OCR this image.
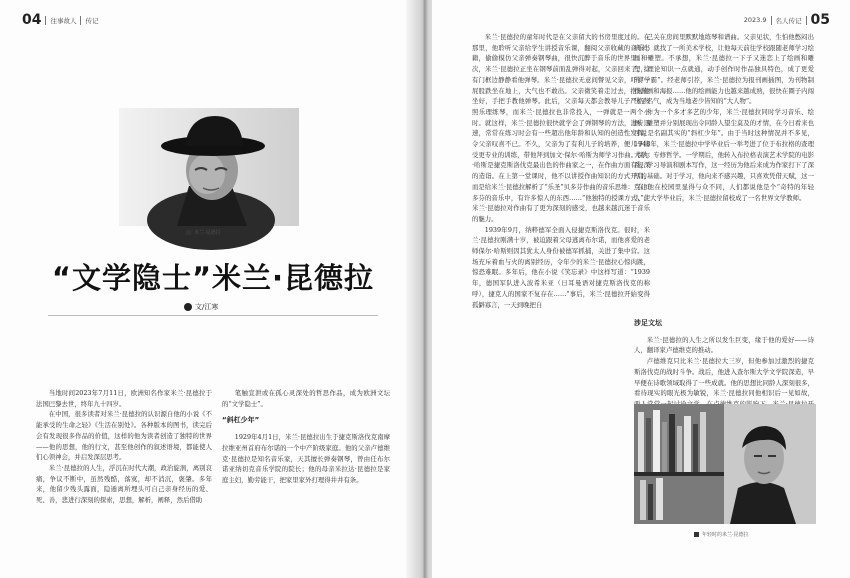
04 往事故人 传记
米兰·昆德拉
“文学隐士”米兰·昆德拉
文/江寒

当地时间2023年7月11日，欧洲知名作家米兰·昆德拉于法国巴黎去世，终年九十四岁。

在中国，很多读者对米兰·昆德拉的认识源自他的小说《不能承受的生命之轻》《生活在别处》。各种版本的图书，读完后会有发现很多作品的价值，这样的他为读者创造了独特的世界——他的思想，他的行文，甚至他创作的叙述语境，都能使人们心领神会，并启发深层思考。

米兰·昆德拉的人生，浮沉在时代大潮，政治旋涡，离别哀痛，争议不断中，虽然残酷，落寞，却不消沉，褒肇。多年来，他留少残头露面，隐遁离所埋头可自己亲身经历的爱、死、善，悲进行深刻的探索，思想，解析，阐释，然后借助

笔触宣泄或在孤心灵深处的哲思作品，成为欧洲文坛的“文学隐士”。

“斜杠少年”

1929年4月1日，米兰·昆德拉出生于捷克斯洛伐克南摩拉维亚州首府布尔诺的一个中产阶级家庭。他的父亲卢德维克·昆德拉是知名音乐家，天其擅长弹奏钢琴，曾由任布尔诺亚纳切克音乐学院的院长；他的母亲米拉达·昆德拉是家庭主妇，勤劳能干，把家里家外打理得井井有条。

2023.9 名人传记 05

米兰·昆德拉的童年时代是在父亲留大的书房里度过的。在那里，他聆听父亲给学生讲授音乐课，翻阅父亲收藏的音乐书籍，偷偷模仿父亲弹奏钢琴曲，很快沉醉于音乐的世界里。一次，米兰·昆德拉正坐在钢琴前面乱弹得对起，父亲回来了，捻有门框边静静看他弹琴。米兰·昆德拉无意间瞥见父亲，吓得一屁股跌坐在地上，大气也不敢出。父亲微笑着走过去，抱起他坐好，手把手教他弹琴。此后，父亲每天都会教导儿子严格按照乐理练琴，而米兰·昆德拉也非常投入，一弹就是一两个小时。就这样，米兰·昆德拉很快就学会了弹钢琴的方法，进步迅速，常常在练习时会有一些超出他年龄和认知的创造性发挥，令父亲叹喜不已。不久，父亲为了有利儿子的培养，便儿子接受更专业的训练，带他拜到加文·保尔·哈斯为师学习作曲。保尔·哈斯是捷克斯洛伐克最出色的作曲家之一，在作曲方面有很深的造诣。在上第一堂课时，他不以讲授作曲知识的方式开启，而是给米兰·昆德拉解析了“乐圣”贝多芬作曲的音乐思维：“在贝多芬的音乐中，有许多惊人的东西……”他独特的授课方式，使米兰·昆德拉对作曲有了更为深刻的感受，也越来越沉迷于音乐的魅力。

1939年9月，纳粹德军全面入侵捷克斯洛伐克。很时，米兰·昆德拉刚满十岁，被迫跟着父母逃离布尔诺，而他喜爱的老师保尔·哈斯则因其犹太人身份被德军抓捕，关进了集中营。这场充斥着血与火的离别经历，令年少的米兰·昆德拉心惊肉跳，惊恐难眠。多年后，他在小说《笑忘录》中这样写道：“1939年，德国军队进入波希米亚（日耳曼语对捷克斯洛伐克的称呼），捷克人的国家不复存在……”事后，米兰·昆德拉开始变得孤僻寡言，一天到晚把自

己关在房间里默默地练琴和谱曲。父亲见状，生怕他憋闷出病来，就找了一所美术学校，让他每天前往学校跟随老师学习绘画和雕塑。不承想，米兰·昆德拉一下子又迷恋上了绘画和雕塑，理论知识一点就通，动手创作时作品独具特色，成了更爱的“学霸”。经老师引荐，米兰·昆德拉为报刊画插图，为刊物制作漫画和海报……他的绘画能力也越来越成熟，很快在圈子内闯出了名气，成为当地老少皆知的“大人物”。

作为一个多才多艺的少年，米兰·昆德拉同时学习音乐、绘画、雕塑并分别展现出令同龄人望尘莫及的才情，在今日看来也可说是名副其实的“斜杠少年”。由于当时这种情况并不多见，1948年，米兰·昆德拉中学毕业后一举考进了位于布拉格的查理大学，专修哲学。一学期后，他转入布拉格表演艺术学院的电影系，学习导演和剧本写作，这一经历为他后来成为作家打下了深厚的基础。对于学习，他向来不感兴趣，只喜欢凭借天赋，这一点让他在校园里显得与众不同，人们都说他是个“奇特的年轻人”。大学毕业后，米兰·昆德拉留校成了一名世界文学教师。

涉足文坛

米兰·昆德拉的人生之所以发生巨变，缘于他的爱好——诗人，翻译家卢德维克的推动。

卢德维克只比米兰·昆德拉大三岁，但他参加过激烈的捷克斯洛伐克的战时斗争。战后，他进入查尔斯大学文学院深造，早早便在诗歌领域取得了一些成就。他的思想比同龄人深刻很多，看待现实的眼光极为敏锐，米兰·昆德拉同他相识后一见如故，

年轻时的米兰·昆德拉
